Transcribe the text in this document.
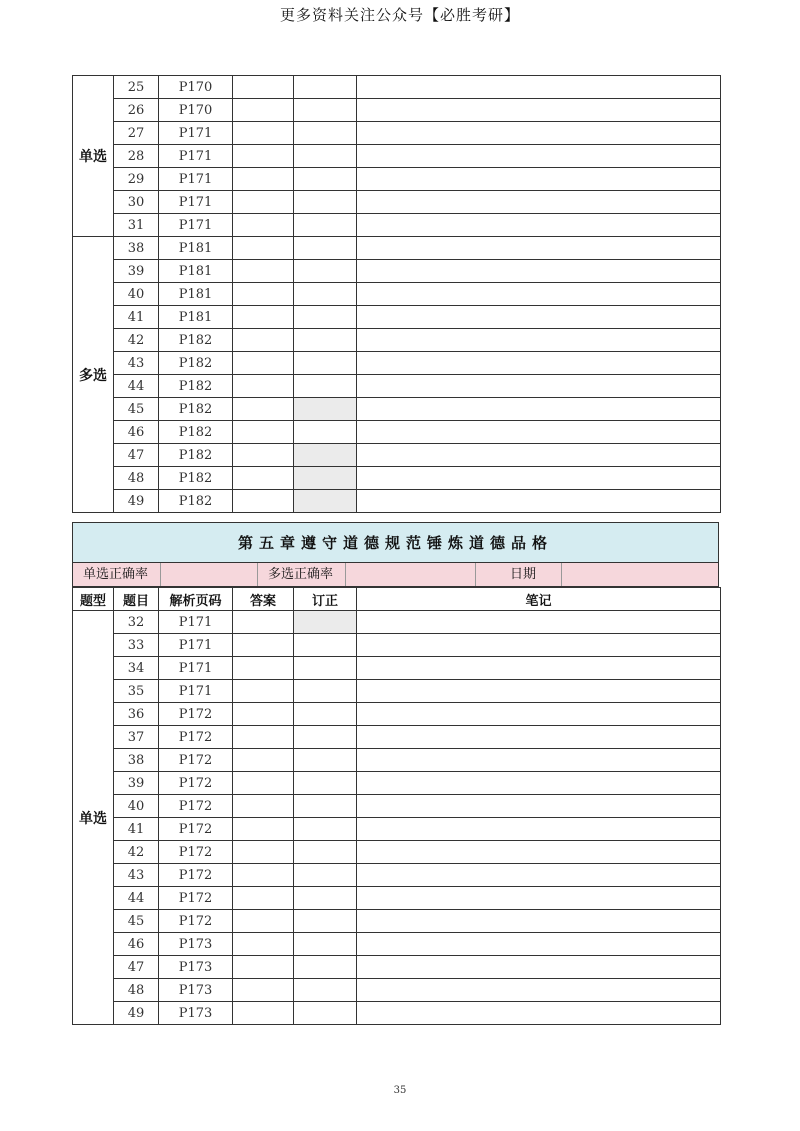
更多资料关注公众号【必胜考研】
单选	25	P170			
	26	P170			
	27	P171			
	28	P171			
	29	P171			
	30	P171			
	31	P171			
多选	38	P181			
	39	P181			
	40	P181			
	41	P181			
	42	P182			
	43	P182			
	44	P182			
	45	P182			
	46	P182			
	47	P182			
	48	P182			
	49	P182			
第五章遵守道德规范锤炼道德品格
单选正确率	多选正确率	日期
题型	题目	解析页码	答案	订正	笔记
单选	32	P171			
	33	P171			
	34	P171			
	35	P171			
	36	P172			
	37	P172			
	38	P172			
	39	P172			
	40	P172			
	41	P172			
	42	P172			
	43	P172			
	44	P172			
	45	P172			
	46	P173			
	47	P173			
	48	P173			
	49	P173			
35
